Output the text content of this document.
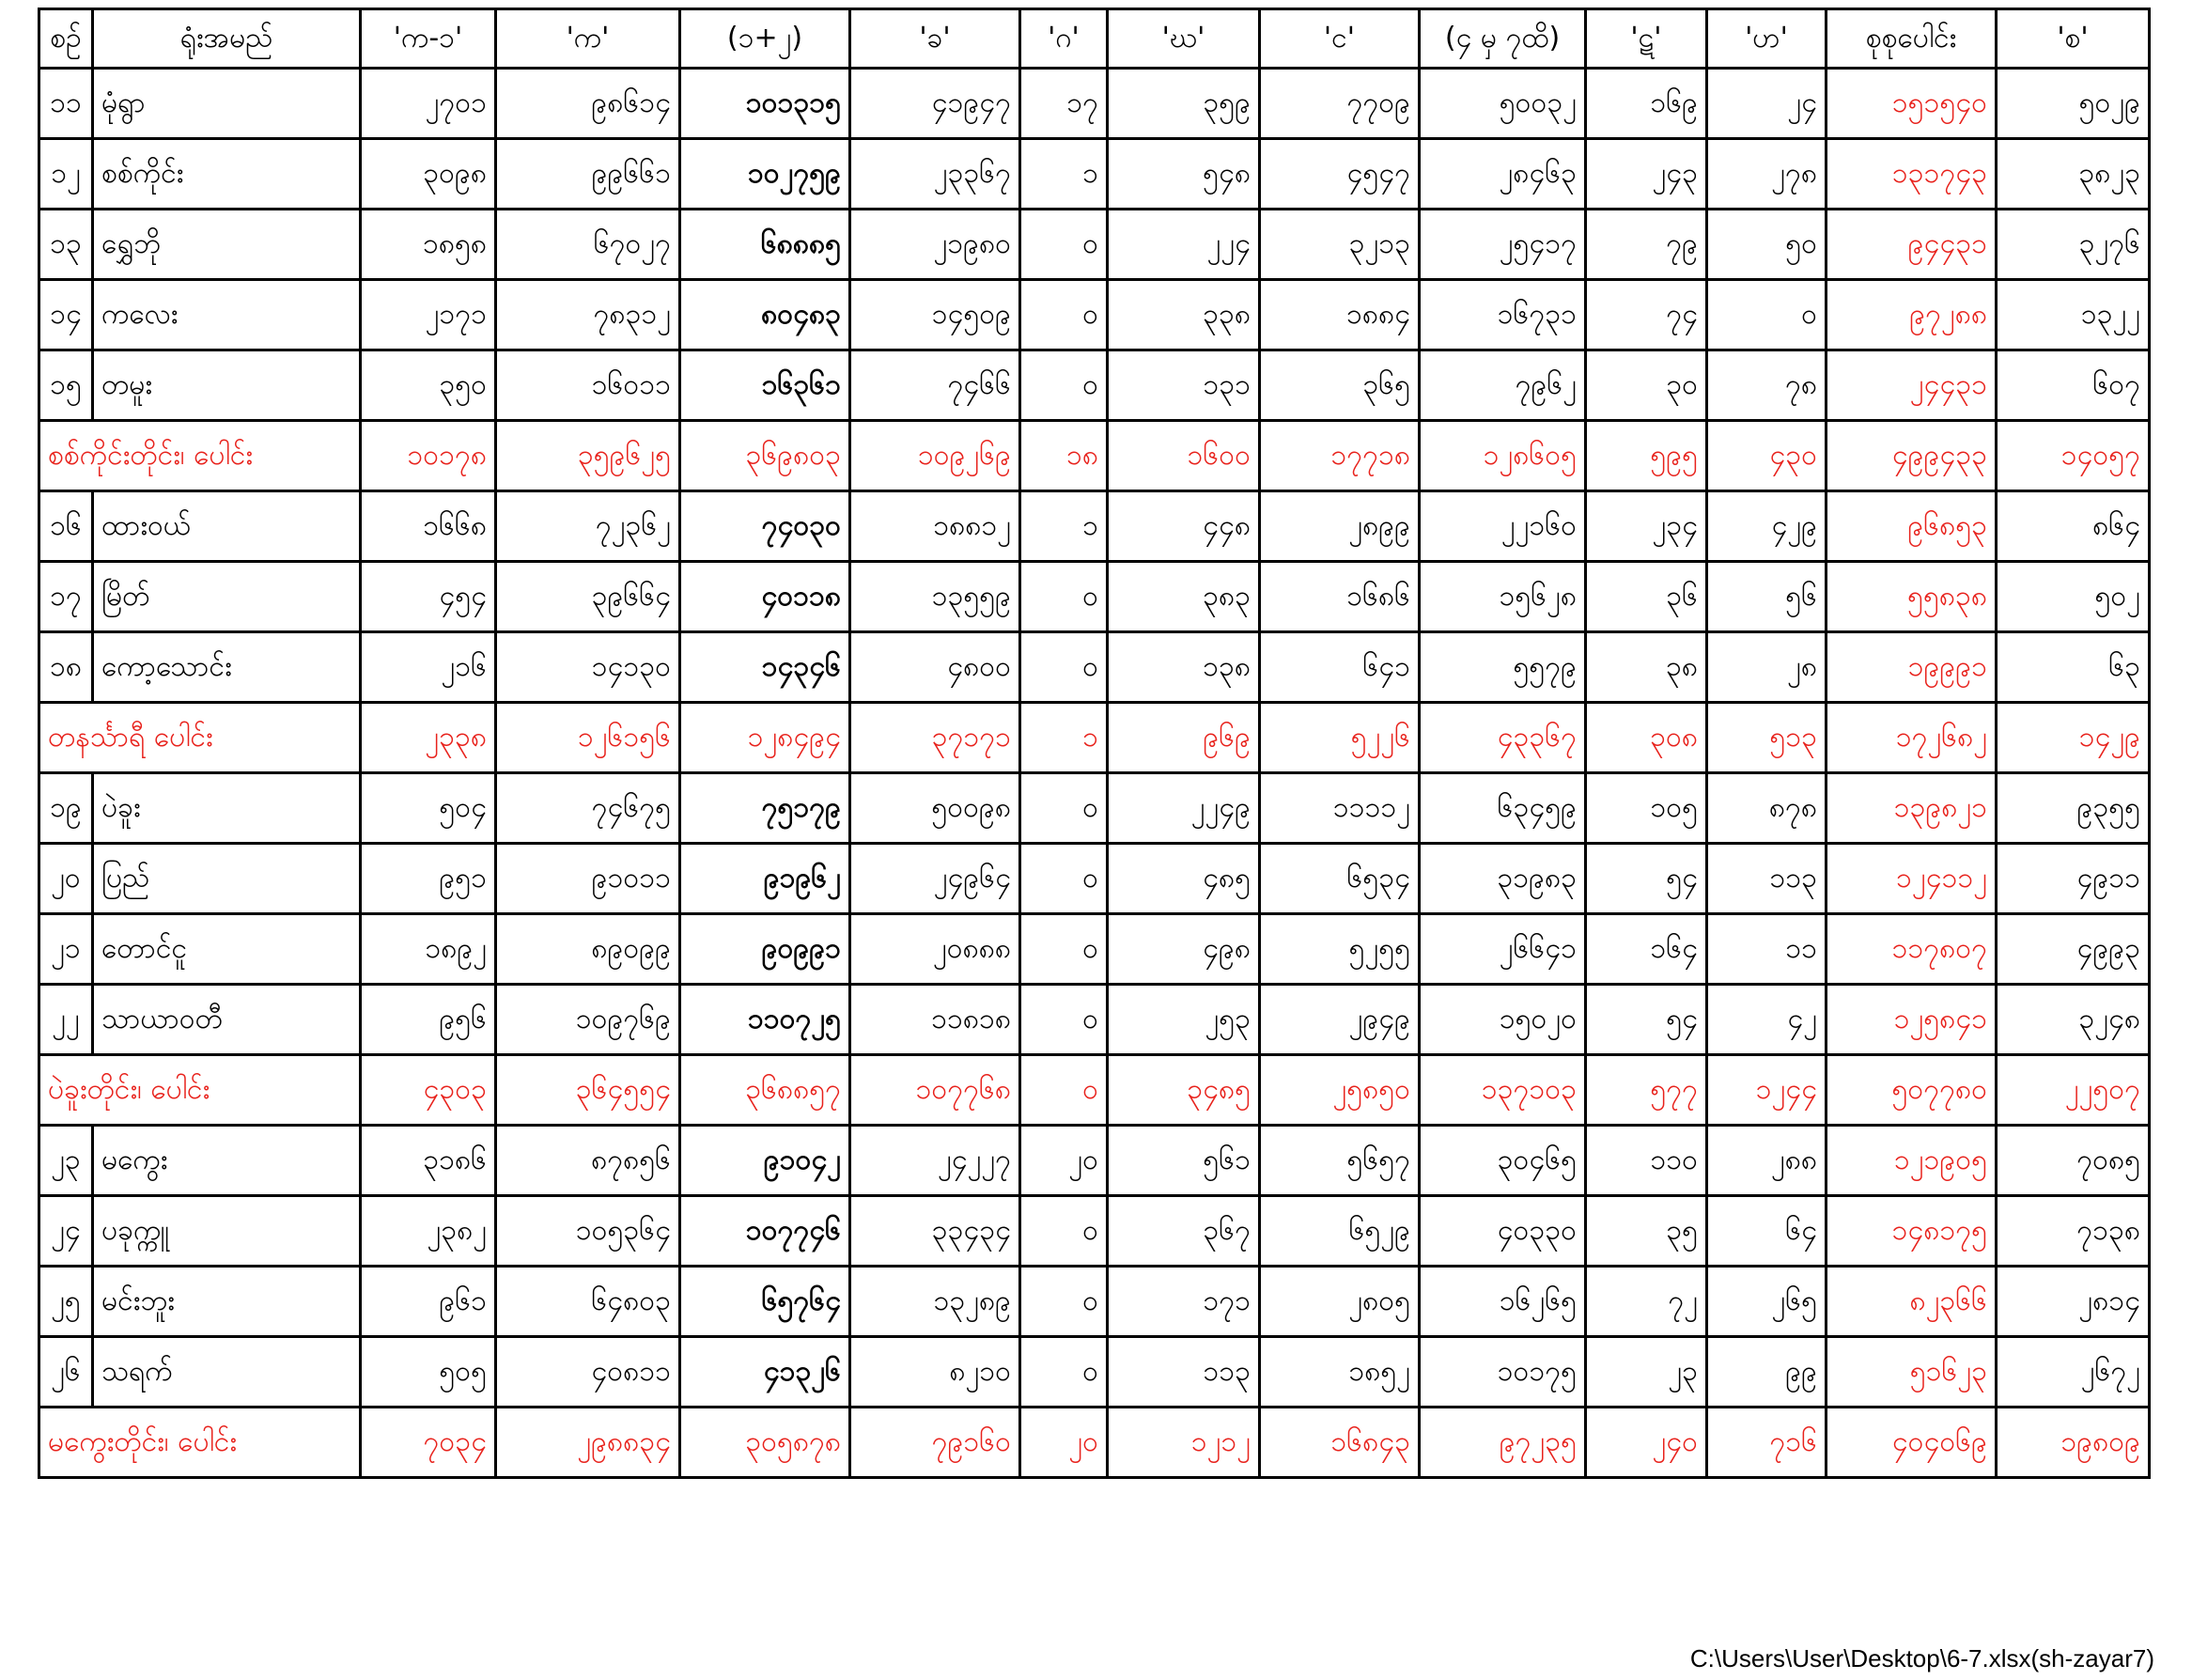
စဉ်	ရုံးအမည်	'က-၁'	'က'	(၁+၂)	'ခ'	'ဂ'	'ဃ'	'င'	(၄ မှ ၇ထိ)	'ဋ'	'ဟ'	စုစုပေါင်း	'စ'
၁၁	မုံရွာ	၂၇၀၁	၉၈၆၁၄	၁၀၁၃၁၅	၄၁၉၄၇	၁၇	၃၅၉	၇၇၀၉	၅၀၀၃၂	၁၆၉	၂၄	၁၅၁၅၄၀	၅၀၂၉
၁၂	စစ်ကိုင်း	၃၀၉၈	၉၉၆၆၁	၁၀၂၇၅၉	၂၃၃၆၇	၁	၅၄၈	၄၅၄၇	၂၈၄၆၃	၂၄၃	၂၇၈	၁၃၁၇၄၃	၃၈၂၃
၁၃	ရွှေဘို	၁၈၅၈	၆၇၀၂၇	၆၈၈၈၅	၂၁၉၈၀	၀	၂၂၄	၃၂၁၃	၂၅၄၁၇	၇၉	၅၀	၉၄၄၃၁	၃၂၇၆
၁၄	ကလေး	၂၁၇၁	၇၈၃၁၂	၈၀၄၈၃	၁၄၅၀၉	၀	၃၃၈	၁၈၈၄	၁၆၇၃၁	၇၄	၀	၉၇၂၈၈	၁၃၂၂
၁၅	တမူး	၃၅၀	၁၆၀၁၁	၁၆၃၆၁	၇၄၆၆	၀	၁၃၁	၃၆၅	၇၉၆၂	၃၀	၇၈	၂၄၄၃၁	၆၀၇
စစ်ကိုင်းတိုင်း၊ ပေါင်း		၁၀၁၇၈	၃၅၉၆၂၅	၃၆၉၈၀၃	၁၀၉၂၆၉	၁၈	၁၆၀၀	၁၇၇၁၈	၁၂၈၆၀၅	၅၉၅	၄၃၀	၄၉၉၄၃၃	၁၄၀၅၇
၁၆	ထားဝယ်	၁၆၆၈	၇၂၃၆၂	၇၄၀၃၀	၁၈၈၁၂	၁	၄၄၈	၂၈၉၉	၂၂၁၆၀	၂၃၄	၄၂၉	၉၆၈၅၃	၈၆၄
၁၇	မြိတ်	၄၅၄	၃၉၆၆၄	၄၀၁၁၈	၁၃၅၅၉	၀	၃၈၃	၁၆၈၆	၁၅၆၂၈	၃၆	၅၆	၅၅၈၃၈	၅၀၂
၁၈	ကော့သောင်း	၂၁၆	၁၄၁၃၀	၁၄၃၄၆	၄၈၀၀	၀	၁၃၈	၆၄၁	၅၅၇၉	၃၈	၂၈	၁၉၉၉၁	၆၃
တနင်္သာရီ ပေါင်း		၂၃၃၈	၁၂၆၁၅၆	၁၂၈၄၉၄	၃၇၁၇၁	၁	၉၆၉	၅၂၂၆	၄၃၃၆၇	၃၀၈	၅၁၃	၁၇၂၆၈၂	၁၄၂၉
၁၉	ပဲခူး	၅၀၄	၇၄၆၇၅	၇၅၁၇၉	၅၀၀၉၈	၀	၂၂၄၉	၁၁၁၁၂	၆၃၄၅၉	၁၀၅	၈၇၈	၁၃၉၈၂၁	၉၃၅၅
၂၀	ပြည်	၉၅၁	၉၁၀၁၁	၉၁၉၆၂	၂၄၉၆၄	၀	၄၈၅	၆၅၃၄	၃၁၉၈၃	၅၄	၁၁၃	၁၂၄၁၁၂	၄၉၁၁
၂၁	တောင်ငူ	၁၈၉၂	၈၉၀၉၉	၉၀၉၉၁	၂၀၈၈၈	၀	၄၉၈	၅၂၅၅	၂၆၆၄၁	၁၆၄	၁၁	၁၁၇၈၀၇	၄၉၉၃
၂၂	သာယာဝတီ	၉၅၆	၁၀၉၇၆၉	၁၁၀၇၂၅	၁၁၈၁၈	၀	၂၅၃	၂၉၄၉	၁၅၀၂၀	၅၄	၄၂	၁၂၅၈၄၁	၃၂၄၈
ပဲခူးတိုင်း၊ ပေါင်း		၄၃၀၃	၃၆၄၅၅၄	၃၆၈၈၅၇	၁၀၇၇၆၈	၀	၃၄၈၅	၂၅၈၅၀	၁၃၇၁၀၃	၅၇၇	၁၂၄၄	၅၀၇၇၈၀	၂၂၅၀၇
၂၃	မကွေး	၃၁၈၆	၈၇၈၅၆	၉၁၀၄၂	၂၄၂၂၇	၂၀	၅၆၁	၅၆၅၇	၃၀၄၆၅	၁၁၀	၂၈၈	၁၂၁၉၀၅	၇၀၈၅
၂၄	ပခုက္ကူ	၂၃၈၂	၁၀၅၃၆၄	၁၀၇၇၄၆	၃၃၄၃၄	၀	၃၆၇	၆၅၂၉	၄၀၃၃၀	၃၅	၆၄	၁၄၈၁၇၅	၇၁၃၈
၂၅	မင်းဘူး	၉၆၁	၆၄၈၀၃	၆၅၇၆၄	၁၃၂၈၉	၀	၁၇၁	၂၈၀၅	၁၆၂၆၅	၇၂	၂၆၅	၈၂၃၆၆	၂၈၁၄
၂၆	သရက်	၅၀၅	၄၀၈၁၁	၄၁၃၂၆	၈၂၁၀	၀	၁၁၃	၁၈၅၂	၁၀၁၇၅	၂၃	၉၉	၅၁၆၂၃	၂၆၇၂
မကွေးတိုင်း၊ ပေါင်း		၇၀၃၄	၂၉၈၈၃၄	၃၀၅၈၇၈	၇၉၁၆၀	၂၀	၁၂၁၂	၁၆၈၄၃	၉၇၂၃၅	၂၄၀	၇၁၆	၄၀၄၀၆၉	၁၉၈၀၉
C:\Users\User\Desktop\6-7.xlsx(sh-zayar7)
